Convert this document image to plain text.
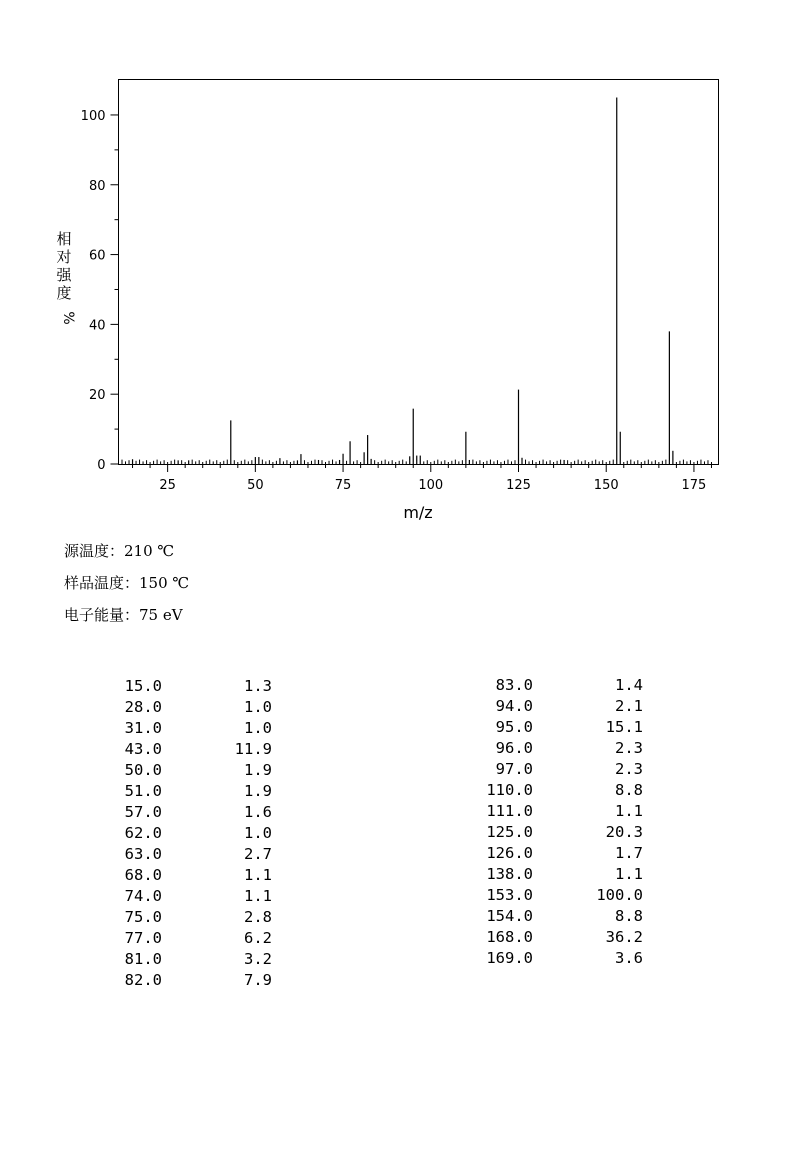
0
20
40
60
80
100
25	50	75	100	125	150	175
m/z
相
对
强
度
%
源温度：210 ℃
样品温度：150 ℃
电子能量：75 eV
15.0	1.3
28.0	1.0
31.0	1.0
43.0	11.9
50.0	1.9
51.0	1.9
57.0	1.6
62.0	1.0
63.0	2.7
68.0	1.1
74.0	1.1
75.0	2.8
77.0	6.2
81.0	3.2
82.0	7.9
83.0	1.4
94.0	2.1
95.0	15.1
96.0	2.3
97.0	2.3
110.0	8.8
111.0	1.1
125.0	20.3
126.0	1.7
138.0	1.1
153.0	100.0
154.0	8.8
168.0	36.2
169.0	3.6
